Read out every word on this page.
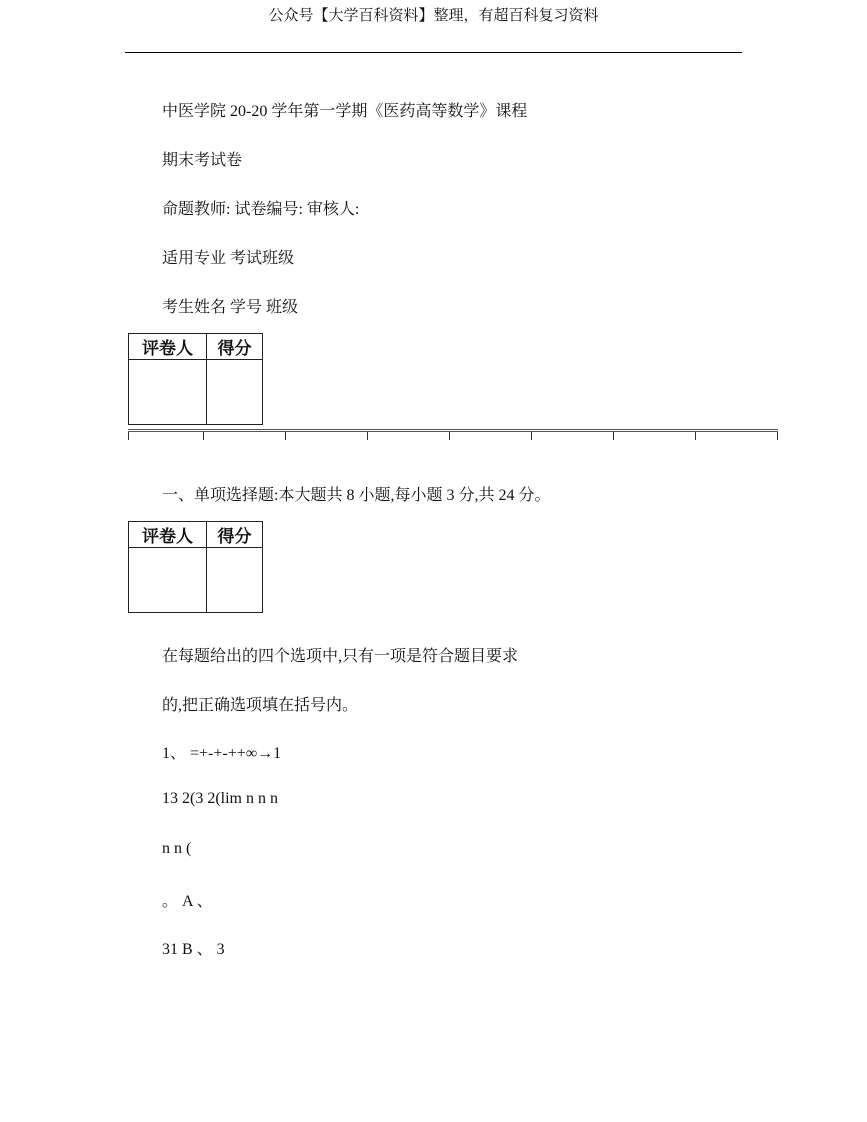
公众号【大学百科资料】整理，有超百科复习资料
中医学院 20-20 学年第一学期《医药高等数学》课程
期末考试卷
命题教师: 试卷编号: 审核人:
适用专业 考试班级
考生姓名 学号 班级
评卷人	得分

一、单项选择题:本大题共 8 小题,每小题 3 分,共 24 分。
评卷人	得分

在每题给出的四个选项中,只有一项是符合题目要求
的,把正确选项填在括号内。
1、 =+-+-++∞→1
13 2(3 2(lim n n n
n n (
。 A 、
31 B 、 3
